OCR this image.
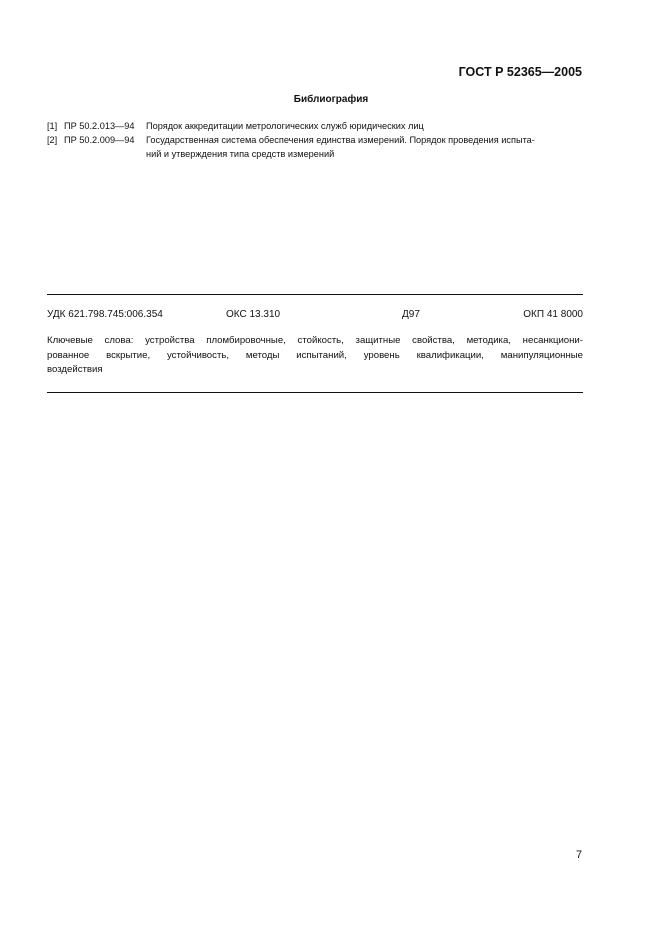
ГОСТ Р 52365—2005
Библиография
[1] ПР 50.2.013—94	Порядок аккредитации метрологических служб юридических лиц
[2] ПР 50.2.009—94	Государственная система обеспечения единства измерений. Порядок проведения испыта-
ний и утверждения типа средств измерений
УДК 621.798.745:006.354	ОКС 13.310	Д97	ОКП 41 8000
Ключевые слова: устройства пломбировочные, стойкость, защитные свойства, методика, несанкциони-
рованное вскрытие, устойчивость, методы испытаний, уровень квалификации, манипуляционные
воздействия
7
